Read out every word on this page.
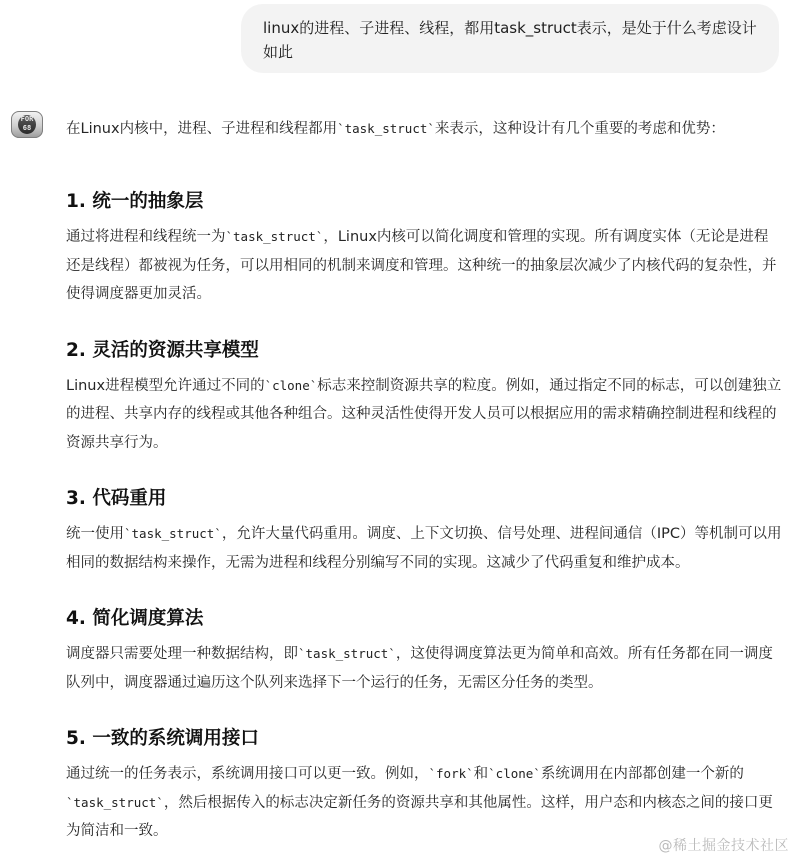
linux的进程、子进程、线程，都用task_struct表示，是处于什么考虑设计如此
FOR 68	在Linux内核中，进程、子进程和线程都用`task_struct`来表示，这种设计有几个重要的考虑和优势：

1. 统一的抽象层

通过将进程和线程统一为`task_struct`，Linux内核可以简化调度和管理的实现。所有调度实体（无论是进程还是线程）都被视为任务，可以用相同的机制来调度和管理。这种统一的抽象层次减少了内核代码的复杂性，并使得调度器更加灵活。

2. 灵活的资源共享模型

Linux进程模型允许通过不同的`clone`标志来控制资源共享的粒度。例如，通过指定不同的标志，可以创建独立的进程、共享内存的线程或其他各种组合。这种灵活性使得开发人员可以根据应用的需求精确控制进程和线程的资源共享行为。

3. 代码重用

统一使用`task_struct`，允许大量代码重用。调度、上下文切换、信号处理、进程间通信（IPC）等机制可以用相同的数据结构来操作，无需为进程和线程分别编写不同的实现。这减少了代码重复和维护成本。

4. 简化调度算法

调度器只需要处理一种数据结构，即`task_struct`，这使得调度算法更为简单和高效。所有任务都在同一调度队列中，调度器通过遍历这个队列来选择下一个运行的任务，无需区分任务的类型。

5. 一致的系统调用接口

通过统一的任务表示，系统调用接口可以更一致。例如，`fork`和`clone`系统调用在内部都创建一个新的`task_struct`，然后根据传入的标志决定新任务的资源共享和其他属性。这样，用户态和内核态之间的接口更为简洁和一致。

@稀土掘金技术社区
